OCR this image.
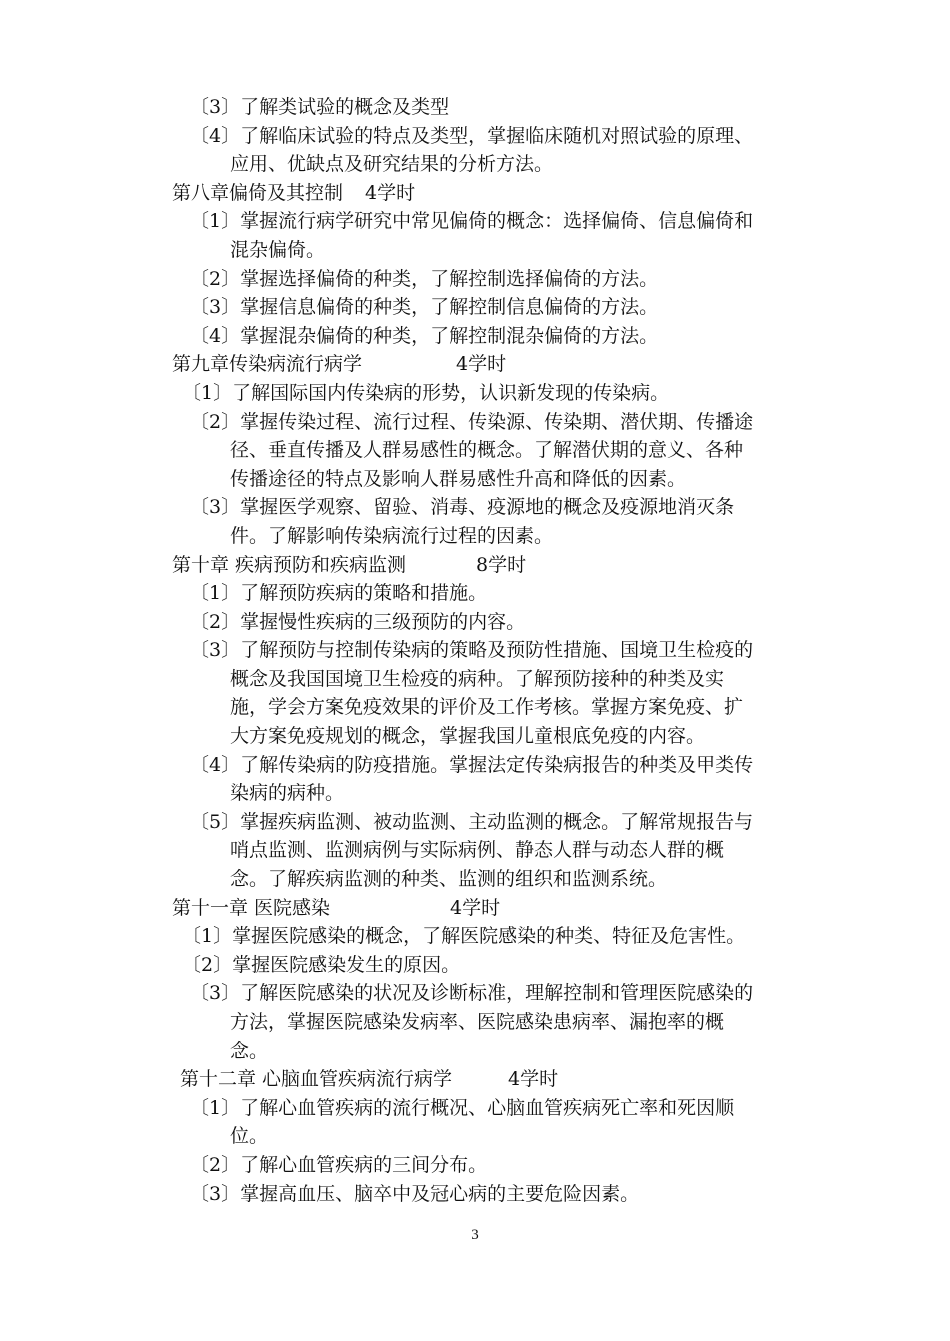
〔3〕了解类试验的概念及类型
〔4〕了解临床试验的特点及类型，掌握临床随机对照试验的原理、
应用、优缺点及研究结果的分析方法。
第八章偏倚及其控制 4学时
〔1〕掌握流行病学研究中常见偏倚的概念：选择偏倚、信息偏倚和
混杂偏倚。
〔2〕掌握选择偏倚的种类，了解控制选择偏倚的方法。
〔3〕掌握信息偏倚的种类，了解控制信息偏倚的方法。
〔4〕掌握混杂偏倚的种类，了解控制混杂偏倚的方法。
第九章传染病流行病学	4学时
〔1〕了解国际国内传染病的形势，认识新发现的传染病。
〔2〕掌握传染过程、流行过程、传染源、传染期、潜伏期、传播途
径、垂直传播及人群易感性的概念。了解潜伏期的意义、各种
传播途径的特点及影响人群易感性升高和降低的因素。
〔3〕掌握医学观察、留验、消毒、疫源地的概念及疫源地消灭条
件。了解影响传染病流行过程的因素。
第十章 疾病预防和疾病监测	8学时
〔1〕了解预防疾病的策略和措施。
〔2〕掌握慢性疾病的三级预防的内容。
〔3〕了解预防与控制传染病的策略及预防性措施、国境卫生检疫的
概念及我国国境卫生检疫的病种。了解预防接种的种类及实
施，学会方案免疫效果的评价及工作考核。掌握方案免疫、扩
大方案免疫规划的概念，掌握我国儿童根底免疫的内容。
〔4〕了解传染病的防疫措施。掌握法定传染病报告的种类及甲类传
染病的病种。
〔5〕掌握疾病监测、被动监测、主动监测的概念。了解常规报告与
哨点监测、监测病例与实际病例、静态人群与动态人群的概
念。了解疾病监测的种类、监测的组织和监测系统。
第十一章 医院感染	4学时
〔1〕掌握医院感染的概念，了解医院感染的种类、特征及危害性。
〔2〕掌握医院感染发生的原因。
〔3〕了解医院感染的状况及诊断标准，理解控制和管理医院感染的
方法，掌握医院感染发病率、医院感染患病率、漏抱率的概
念。
第十二章 心脑血管疾病流行病学	4学时
〔1〕了解心血管疾病的流行概况、心脑血管疾病死亡率和死因顺
位。
〔2〕了解心血管疾病的三间分布。
〔3〕掌握高血压、脑卒中及冠心病的主要危险因素。
3
